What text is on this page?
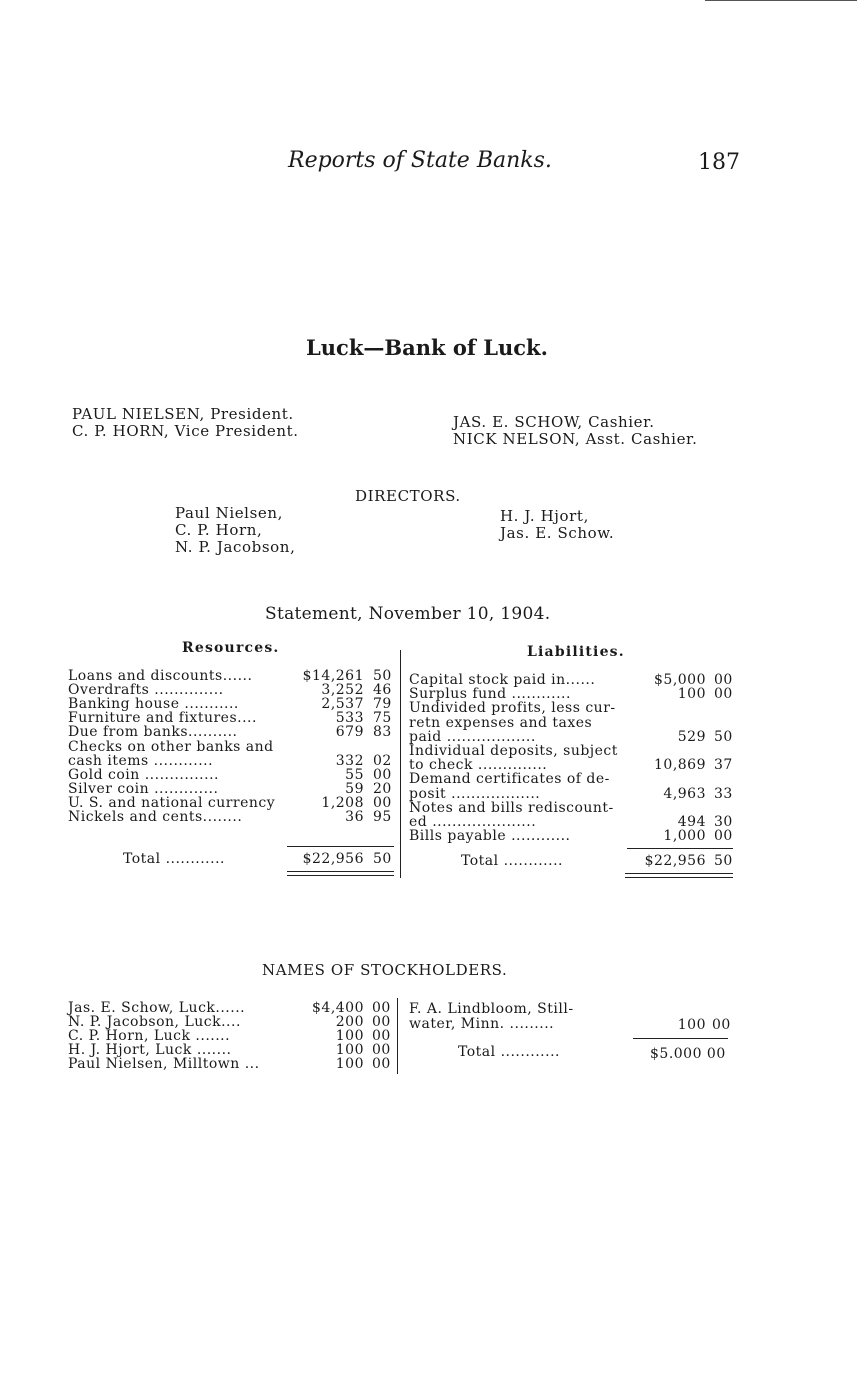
Reports of State Banks.	187
Luck—Bank of Luck.
PAUL NIELSEN, President.
C. P. HORN, Vice President.	JAS. E. SCHOW, Cashier.
NICK NELSON, Asst. Cashier.
DIRECTORS.
Paul Nielsen,
C. P. Horn,
N. P. Jacobson,
H. J. Hjort,
Jas. E. Schow.
Statement, November 10, 1904.
Resources.	Liabilities.
Loans and discounts......	$14,261 50
Overdrafts ..............	3,252 46
Banking house ...........	2,537 79
Furniture and fixtures....	533 75
Due from banks..........	679 83
Checks on other banks and
cash items ............	332 02
Gold coin ...............	55 00
Silver coin .............	59 20
U. S. and national currency	1,208 00
Nickels and cents........	36 95
Capital stock paid in......	$5,000 00
Surplus fund ............	100 00
Undivided profits, less cur-
retn expenses and taxes
paid ..................	529 50
Individual deposits, subject
to check ..............	10,869 37
Demand certificates of de-
posit ..................	4,963 33
Notes and bills rediscount-
ed .....................	494 30
Bills payable ............	1,000 00
Total ............	$22,956 50	Total ............	$22,956 50
NAMES OF STOCKHOLDERS.
Jas. E. Schow, Luck......	$4,400 00
N. P. Jacobson, Luck....	200 00
C. P. Horn, Luck .......	100 00
H. J. Hjort, Luck .......	100 00
Paul Nielsen, Milltown ...	100 00
F. A. Lindbloom, Still-
water, Minn. .........	100 00
Total ............	$5.000 00
